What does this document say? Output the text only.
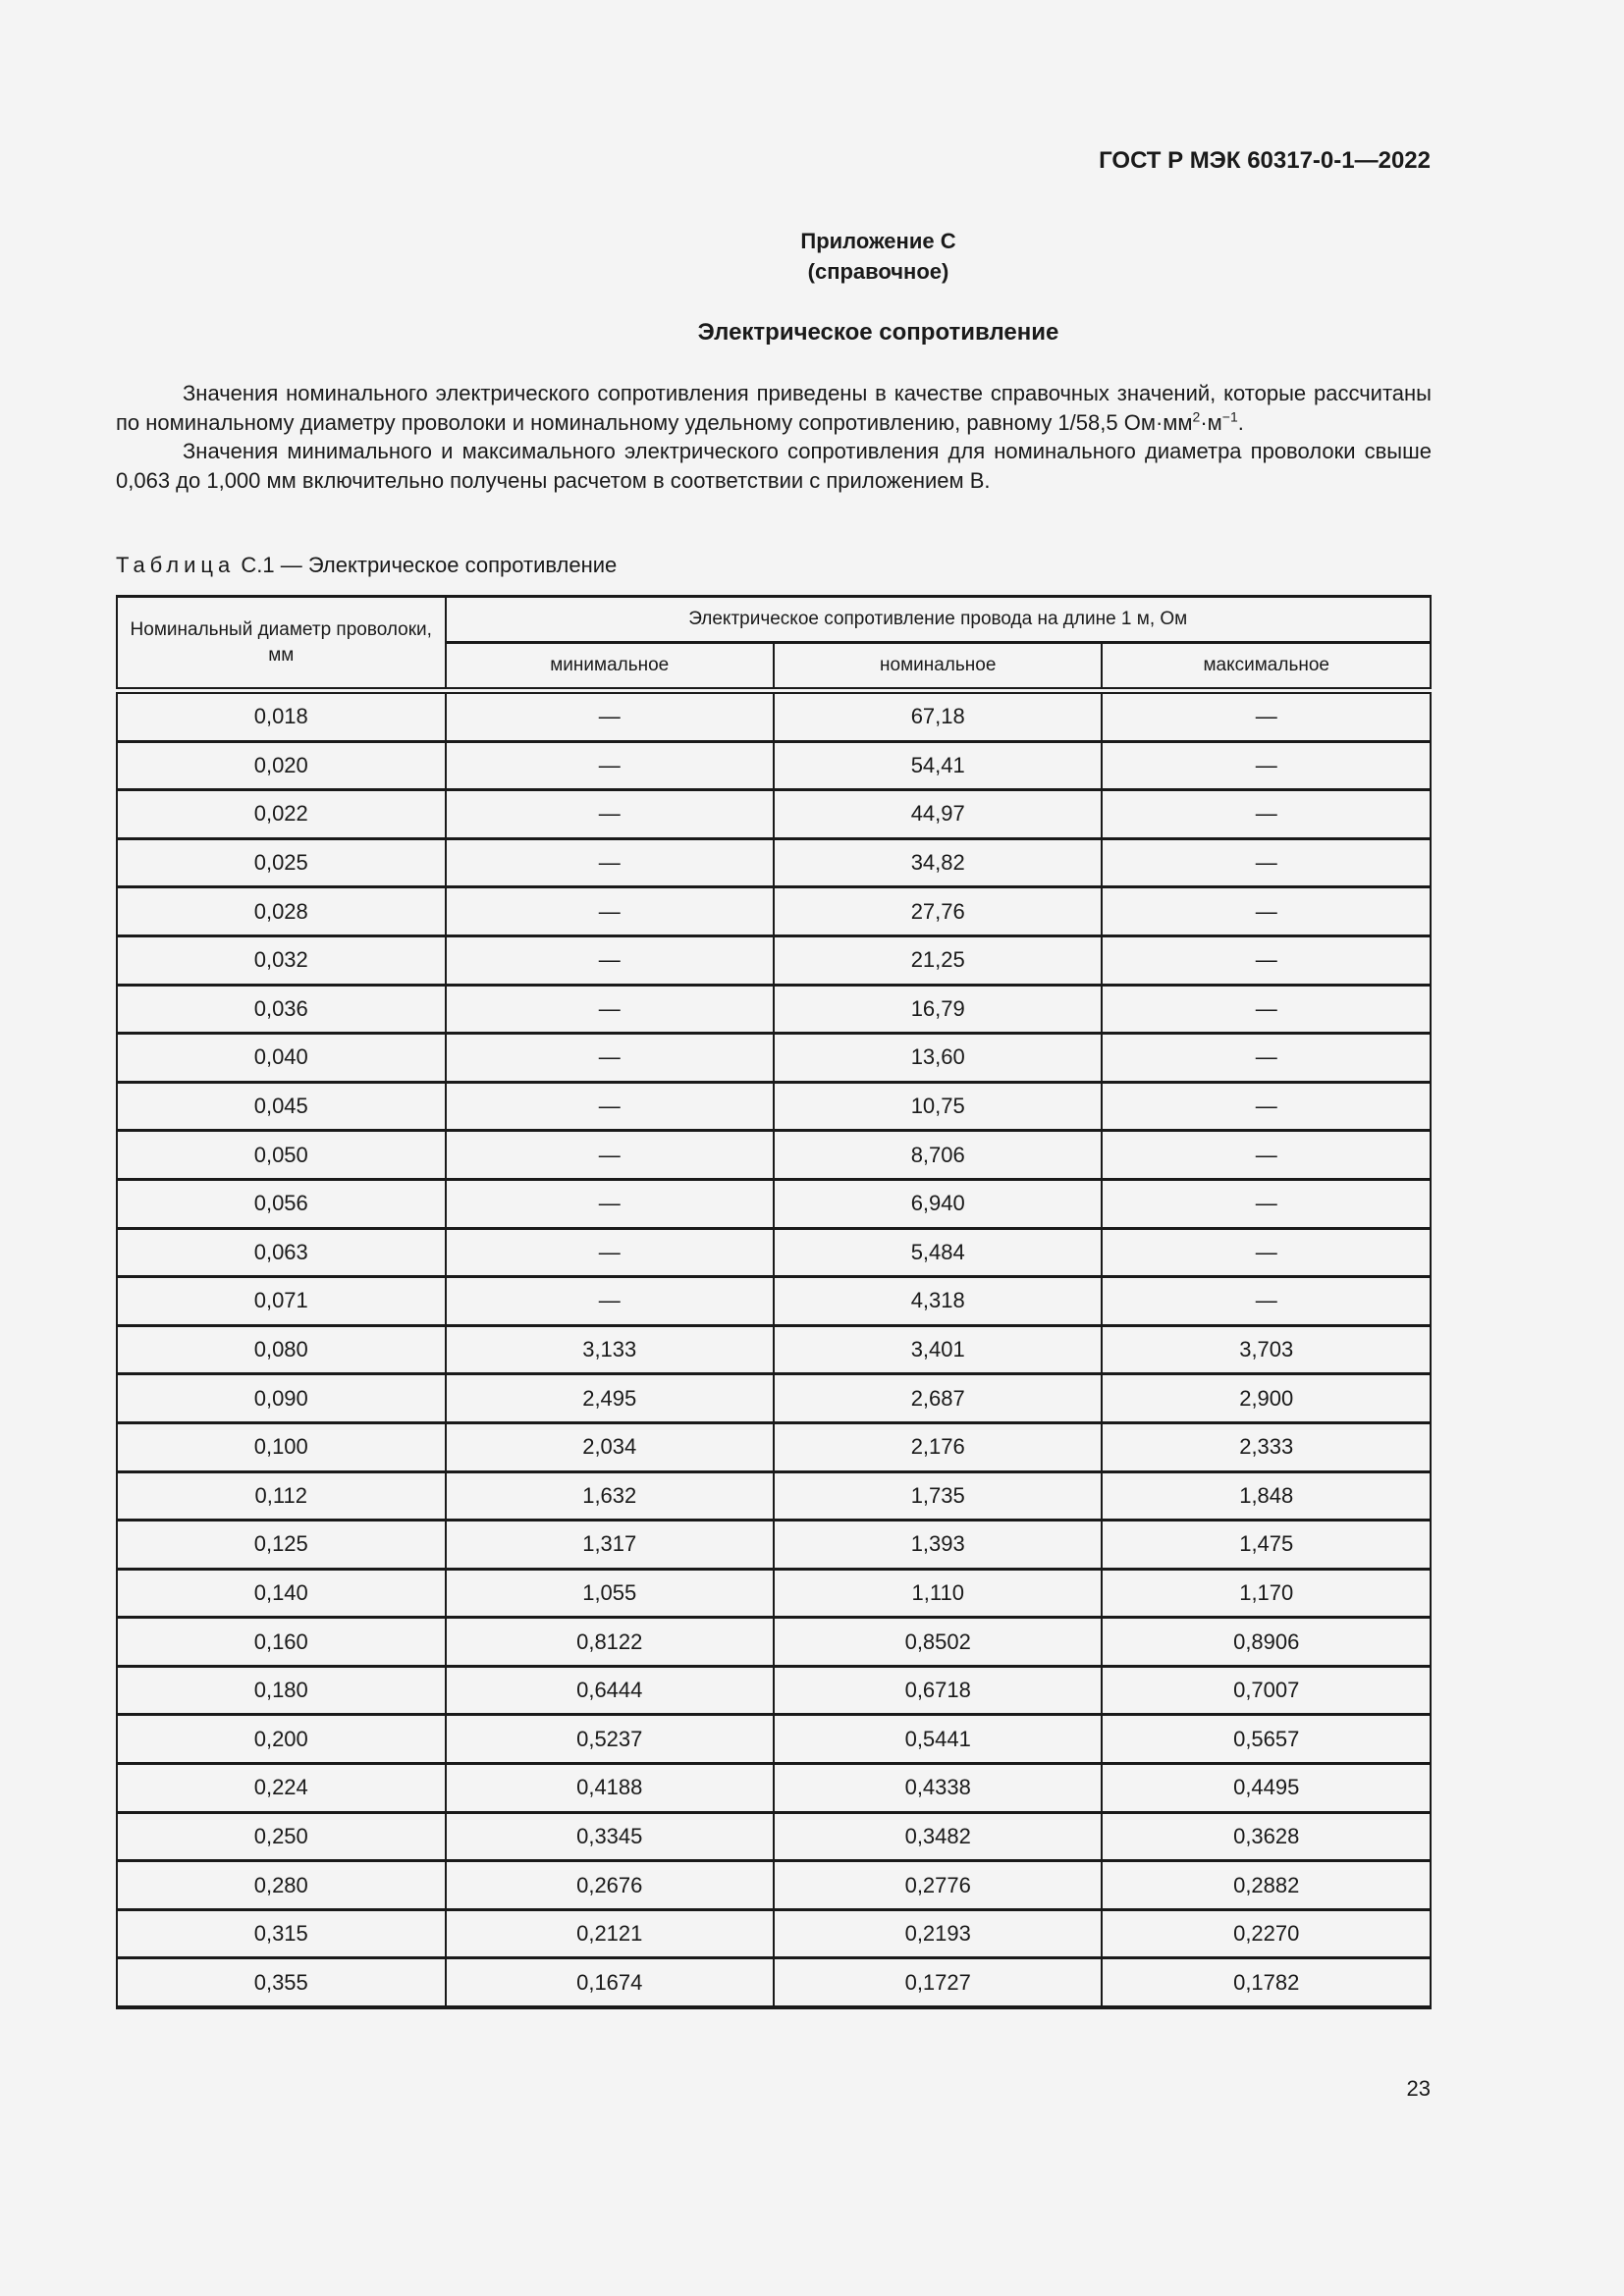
ГОСТ Р МЭК 60317-0-1—2022
Приложение С
(справочное)
Электрическое сопротивление

Значения номинального электрического сопротивления приведены в качестве справочных значений, которые рассчитаны по номинальному диаметру проволоки и номинальному удельному сопротивлению, равному 1/58,5 $Ом\cdot мм^2\cdot м^{-1}$.

Значения минимального и максимального электрического сопротивления для номинального диаметра проволоки свыше 0,063 до 1,000 мм включительно получены расчетом в соответствии с приложением В.

Таблица С.1 — Электрическое сопротивление
Номинальный диаметр проволоки, мм	Электрическое сопротивление провода на длине 1 м, Ом		
	минимальное	номинальное	максимальное
0,018	—	67,18	—
0,020	—	54,41	—
0,022	—	44,97	—
0,025	—	34,82	—
0,028	—	27,76	—
0,032	—	21,25	—
0,036	—	16,79	—
0,040	—	13,60	—
0,045	—	10,75	—
0,050	—	8,706	—
0,056	—	6,940	—
0,063	—	5,484	—
0,071	—	4,318	—
0,080	3,133	3,401	3,703
0,090	2,495	2,687	2,900
0,100	2,034	2,176	2,333
0,112	1,632	1,735	1,848
0,125	1,317	1,393	1,475
0,140	1,055	1,110	1,170
0,160	0,8122	0,8502	0,8906
0,180	0,6444	0,6718	0,7007
0,200	0,5237	0,5441	0,5657
0,224	0,4188	0,4338	0,4495
0,250	0,3345	0,3482	0,3628
0,280	0,2676	0,2776	0,2882
0,315	0,2121	0,2193	0,2270
0,355	0,1674	0,1727	0,1782
23
